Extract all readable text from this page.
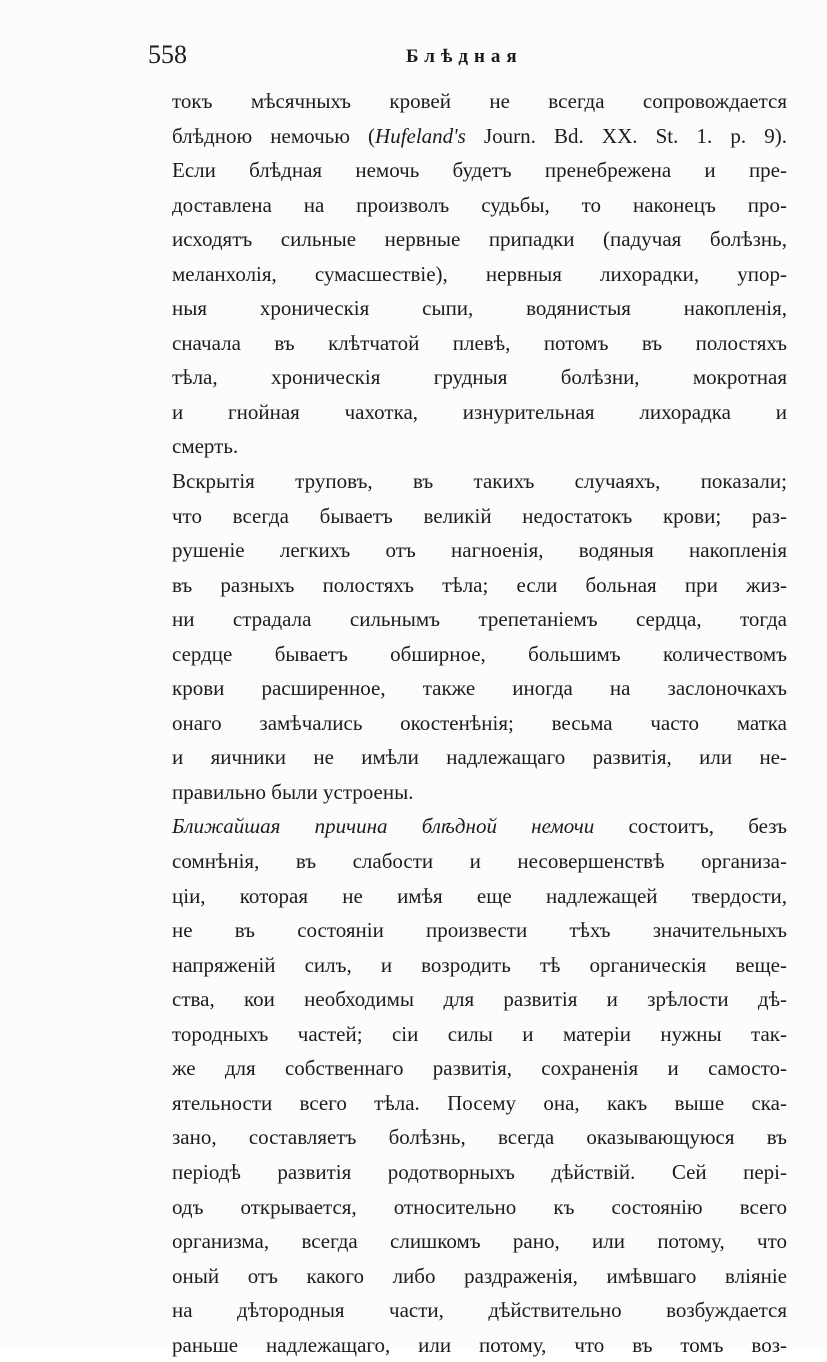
558	Блѣдная
токъ мѣсячныхъ кровей не всегда сопровождается
блѣдною немочью (Hufeland's Journ. Bd. XX. St. 1. p. 9).
Если блѣдная немочь будетъ пренебрежена и пре-
доставлена на произволъ судьбы, то наконецъ про-
исходятъ сильные нервные припадки (падучая болѣзнь,
меланхолія, сумасшествіе), нервныя лихорадки, упор-
ныя хроническія сыпи, водянистыя накопленія,
сначала въ клѣтчатой плевѣ, потомъ въ полостяхъ
тѣла, хроническія грудныя болѣзни, мокротная
и гнойная чахотка, изнурительная лихорадка и
смерть.
Вскрытія труповъ, въ такихъ случаяхъ, показали;
что всегда бываетъ великій недостатокъ крови; раз-
рушеніе легкихъ отъ нагноенія, водяныя накопленія
въ разныхъ полостяхъ тѣла; если больная при жиз-
ни страдала сильнымъ трепетаніемъ сердца, тогда
сердце бываетъ обширное, большимъ количествомъ
крови расширенное, также иногда на заслоночкахъ
онаго замѣчались окостенѣнія; весьма часто матка
и яичники не имѣли надлежащаго развитія, или не-
правильно были устроены.
Ближайшая причина блѣдной немочи состоитъ, безъ
сомнѣнія, въ слабости и несовершенствѣ организа-
ціи, которая не имѣя еще надлежащей твердости,
не въ состояніи произвести тѣхъ значительныхъ
напряженій силъ, и возродить тѣ органическія веще-
ства, кои необходимы для развитія и зрѣлости дѣ-
тородныхъ частей; сіи силы и матеріи нужны так-
же для собственнаго развитія, сохраненія и самосто-
ятельности всего тѣла. Посему она, какъ выше ска-
зано, составляетъ болѣзнь, всегда оказывающуюся въ
періодѣ развитія родотворныхъ дѣйствій. Сей пері-
одъ открывается, относительно къ состоянію всего
организма, всегда слишкомъ рано, или потому, что
оный отъ какого либо раздраженія, имѣвшаго вліяніе
на дѣтородныя части, дѣйствительно возбуждается
раньше надлежащаго, или потому, что въ томъ воз-
